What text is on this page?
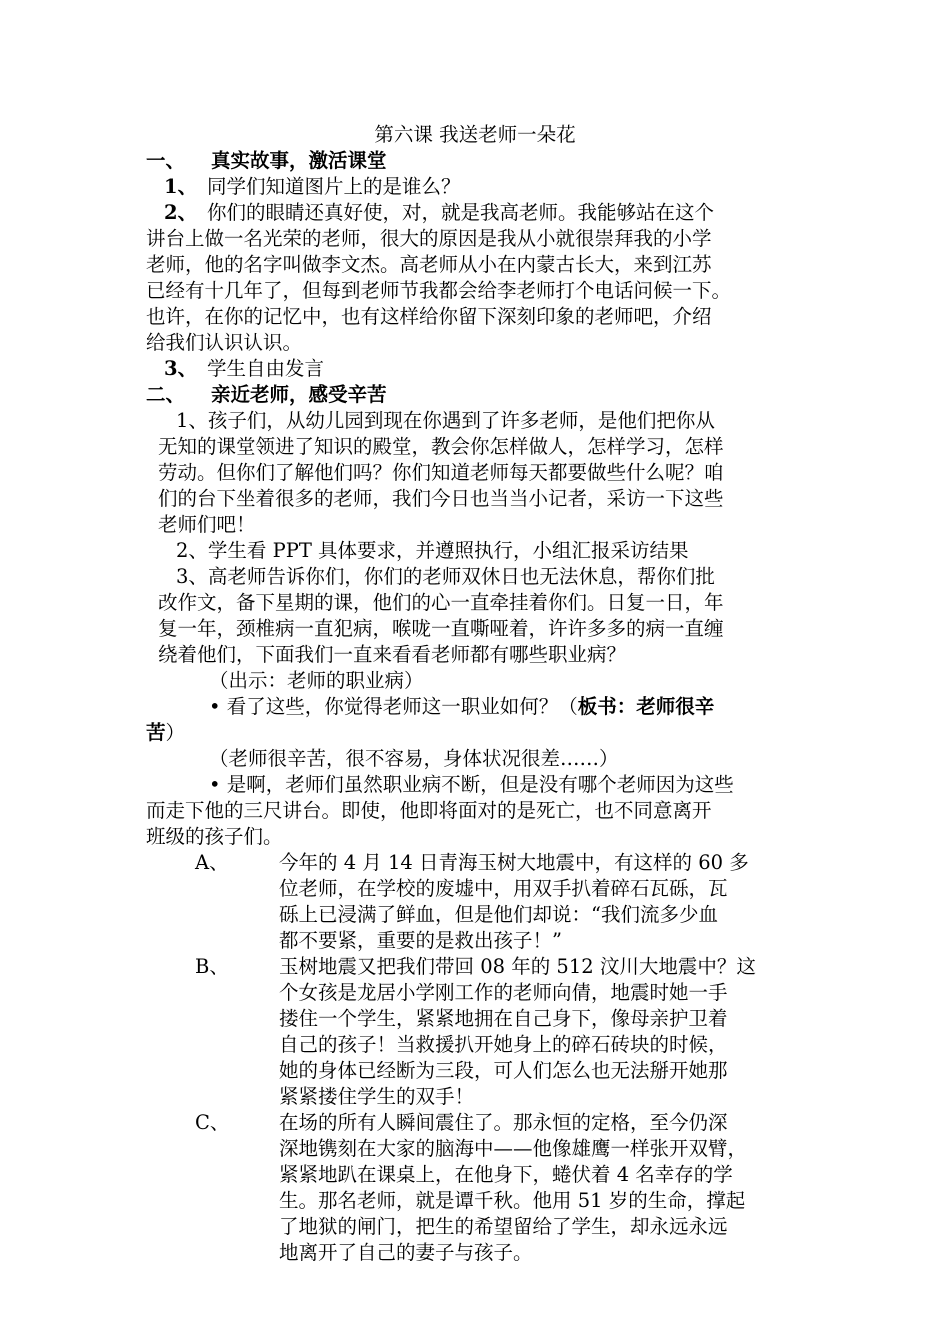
第六课 我送老师一朵花
一、 真实故事，激活课堂
1、 同学们知道图片上的是谁么？
2、 你们的眼睛还真好使，对，就是我高老师。我能够站在这个
讲台上做一名光荣的老师，很大的原因是我从小就很崇拜我的小学
老师，他的名字叫做李文杰。高老师从小在内蒙古长大，来到江苏
已经有十几年了，但每到老师节我都会给李老师打个电话问候一下。
也许，在你的记忆中，也有这样给你留下深刻印象的老师吧，介绍
给我们认识认识。
3、 学生自由发言
二、 亲近老师，感受辛苦
1、孩子们，从幼儿园到现在你遇到了许多老师，是他们把你从
无知的课堂领进了知识的殿堂，教会你怎样做人，怎样学习，怎样
劳动。但你们了解他们吗？你们知道老师每天都要做些什么呢？咱
们的台下坐着很多的老师，我们今日也当当小记者，采访一下这些
老师们吧！
2、学生看 PPT 具体要求，并遵照执行，小组汇报采访结果
3、高老师告诉你们，你们的老师双休日也无法休息，帮你们批
改作文，备下星期的课，他们的心一直牵挂着你们。日复一日，年
复一年，颈椎病一直犯病，喉咙一直嘶哑着，许许多多的病一直缠
绕着他们，下面我们一直来看看老师都有哪些职业病？
（出示：老师的职业病）
• 看了这些，你觉得老师这一职业如何？（板书：老师很辛
苦）
（老师很辛苦，很不容易，身体状况很差……）
• 是啊，老师们虽然职业病不断，但是没有哪个老师因为这些
而走下他的三尺讲台。即使，他即将面对的是死亡，也不同意离开
班级的孩子们。
A、	今年的 4 月 14 日青海玉树大地震中，有这样的 60 多
位老师，在学校的废墟中，用双手扒着碎石瓦砾，瓦
砾上已浸满了鲜血，但是他们却说：“我们流多少血
都不要紧，重要的是救出孩子！”
B、	玉树地震又把我们带回 08 年的 512 汶川大地震中？这
个女孩是龙居小学刚工作的老师向倩，地震时她一手
搂住一个学生，紧紧地拥在自己身下，像母亲护卫着
自己的孩子！当救援扒开她身上的碎石砖块的时候，
她的身体已经断为三段，可人们怎么也无法掰开她那
紧紧搂住学生的双手！
C、	在场的所有人瞬间震住了。那永恒的定格，至今仍深
深地镌刻在大家的脑海中——他像雄鹰一样张开双臂，
紧紧地趴在课桌上，在他身下，蜷伏着 4 名幸存的学
生。那名老师，就是谭千秋。他用 51 岁的生命，撑起
了地狱的闸门，把生的希望留给了学生，却永远永远
地离开了自己的妻子与孩子。
